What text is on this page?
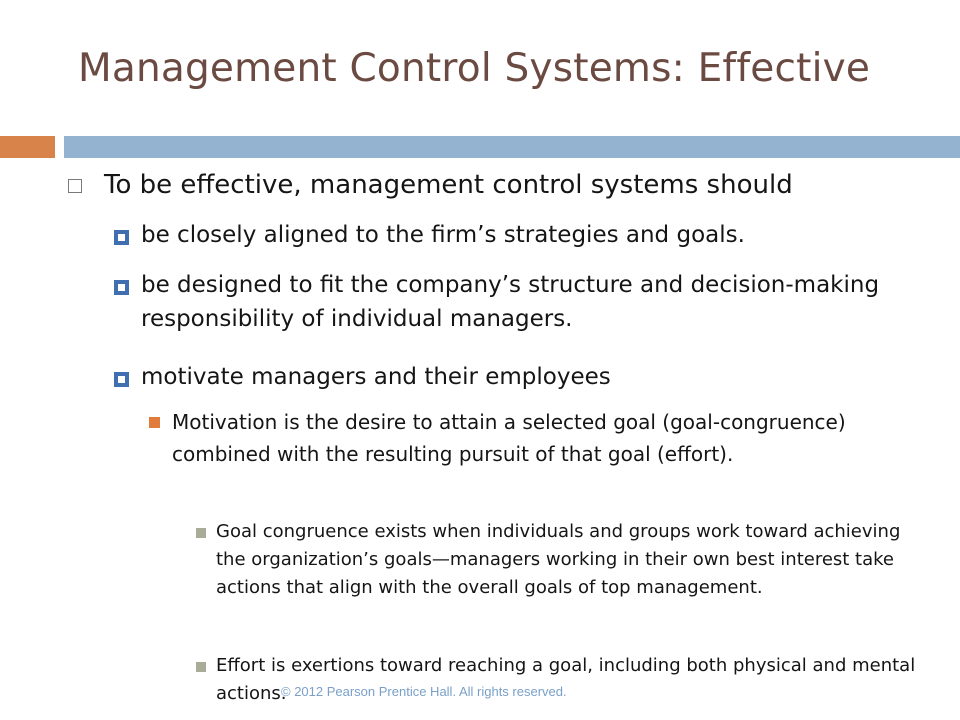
Management Control Systems: Effective
To be effective, management control systems should
be closely aligned to the firm’s strategies and goals.
be designed to fit the company’s structure and decision-making responsibility of individual managers.
motivate managers and their employees
Motivation is the desire to attain a selected goal (goal-congruence) combined with the resulting pursuit of that goal (effort).
Goal congruence exists when individuals and groups work toward achieving the organization’s goals—managers working in their own best interest take actions that align with the overall goals of top management.
Effort is exertions toward reaching a goal, including both physical and mental actions.
© 2012 Pearson Prentice Hall. All rights reserved.
